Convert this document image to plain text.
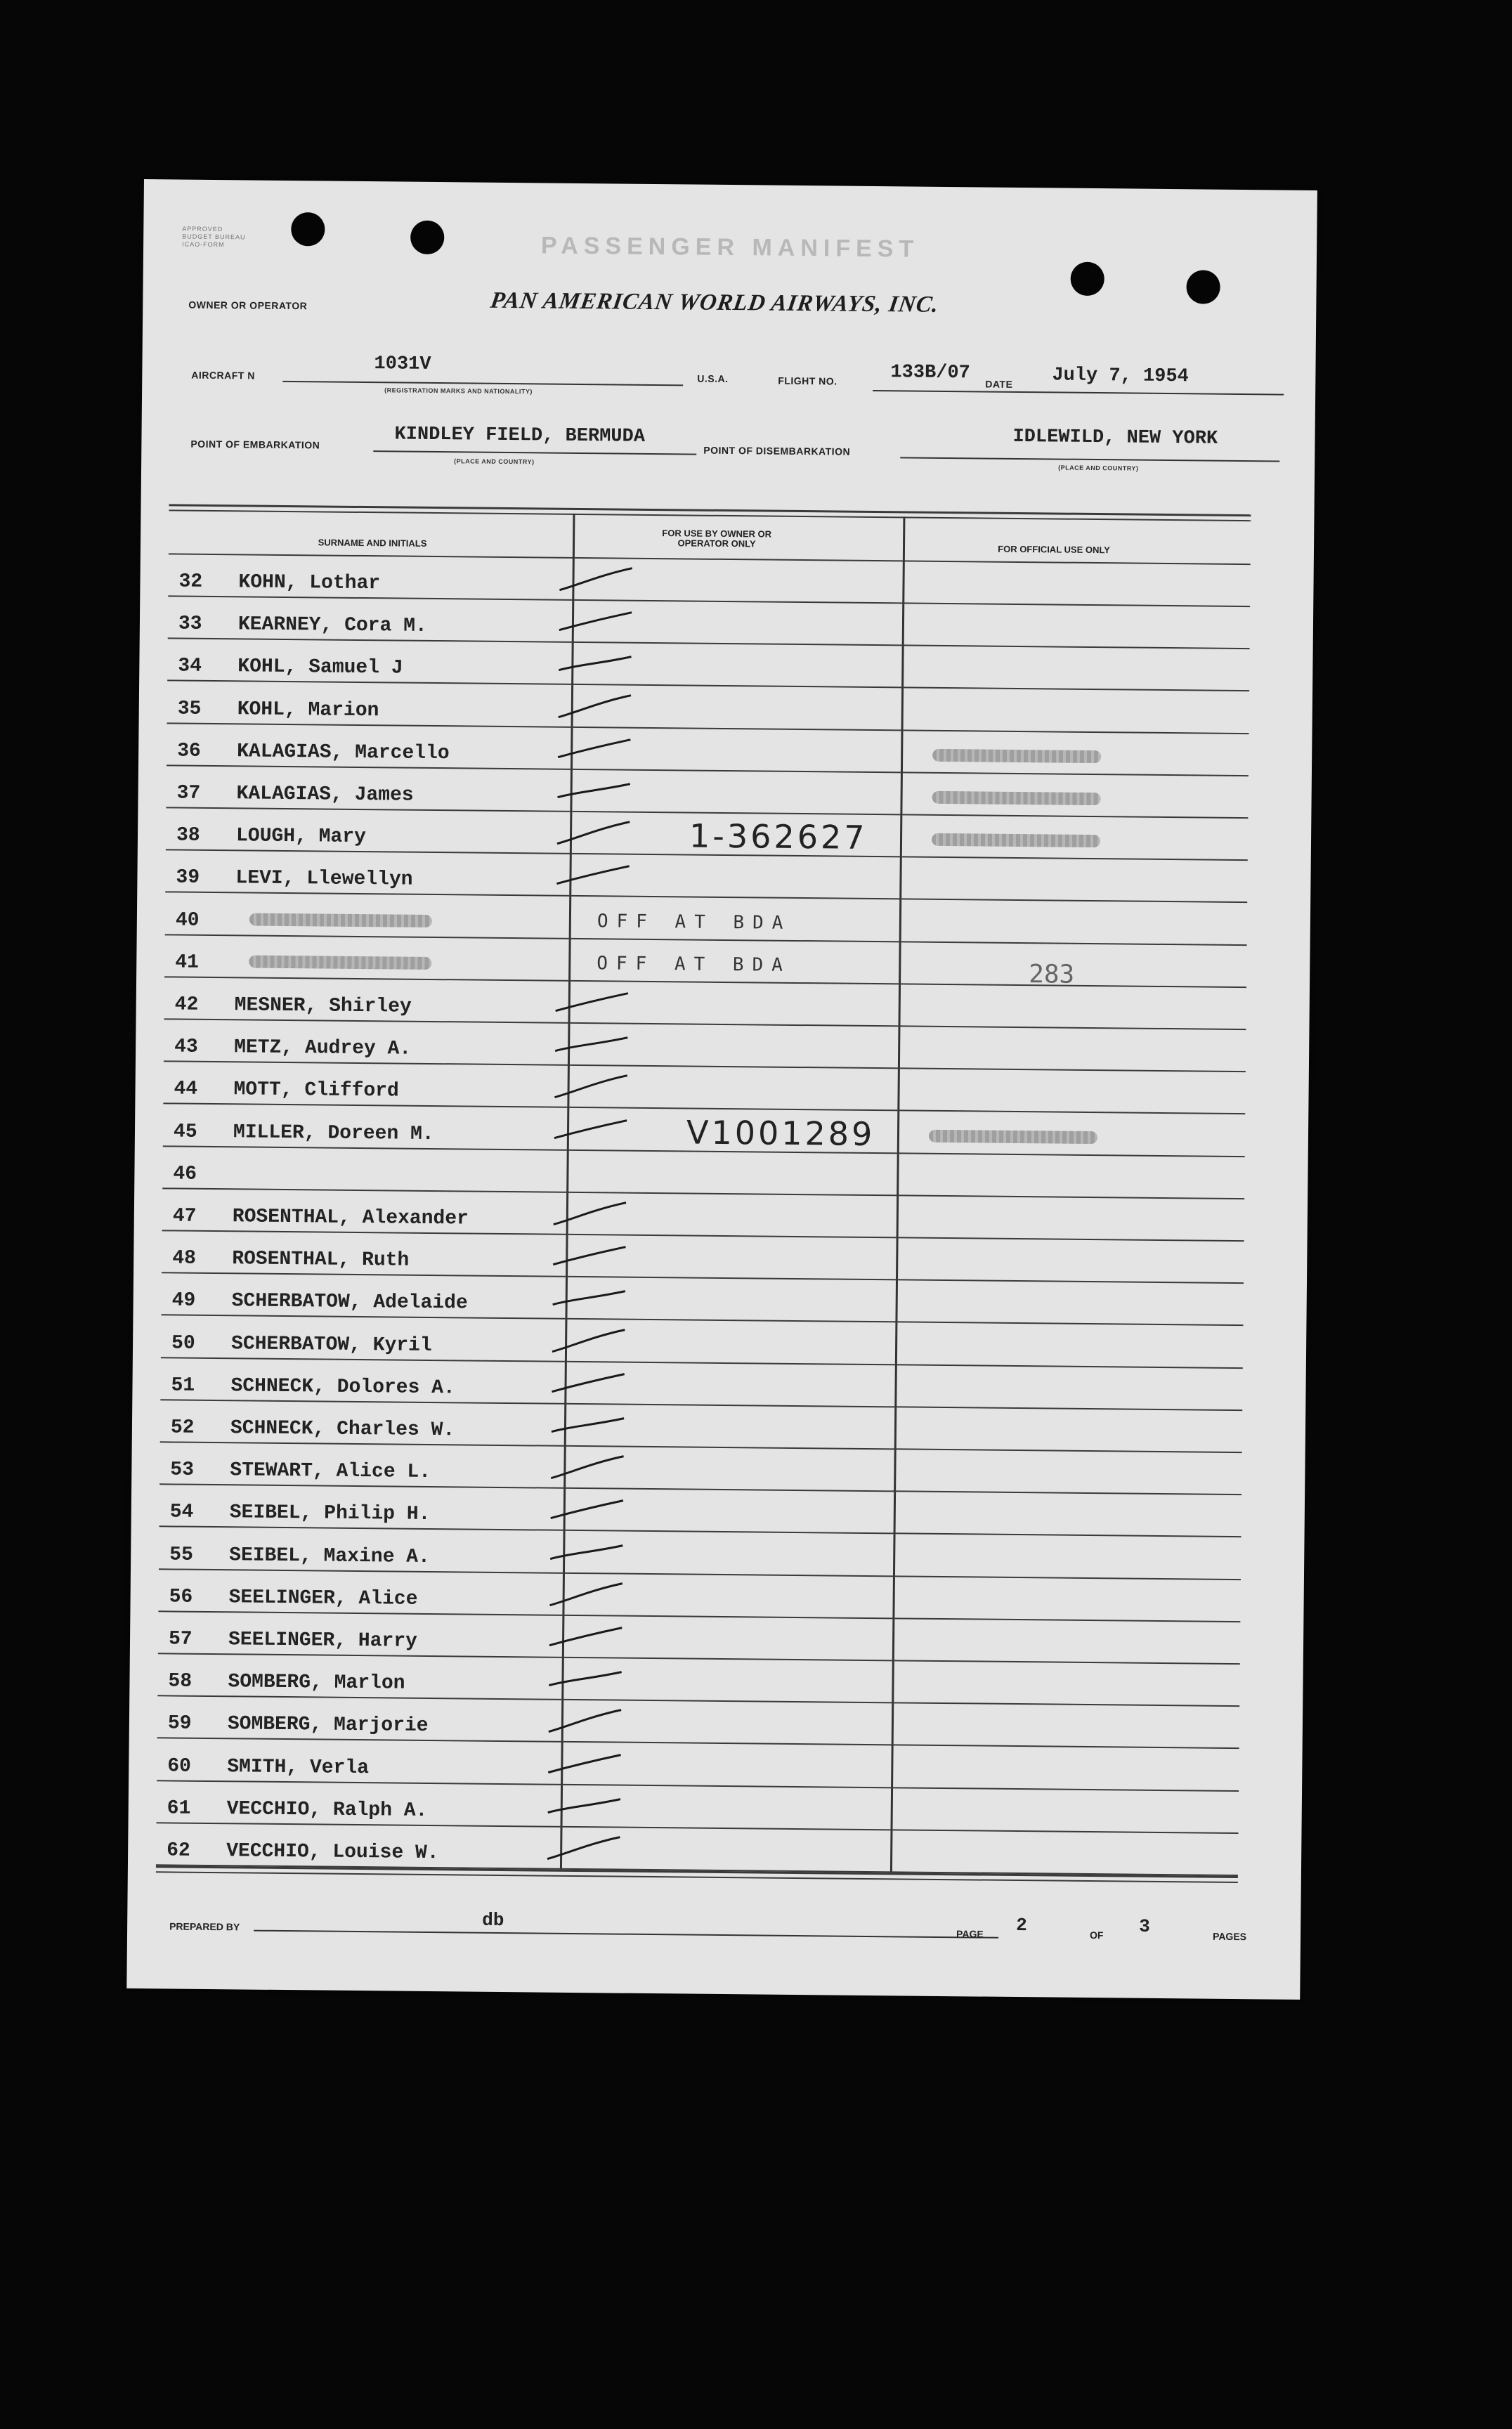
APPROVED
BUDGET BUREAU
ICAO-FORM	PASSENGER MANIFEST
OWNER OR OPERATOR	PAN AMERICAN WORLD AIRWAYS, INC.
AIRCRAFT N
1031V
(REGISTRATION MARKS AND NATIONALITY)
U.S.A.	FLIGHT NO.	133B/07
DATE July 7, 1954
POINT OF EMBARKATION	KINDLEY FIELD, BERMUDA
(PLACE AND COUNTRY)
POINT OF DISEMBARKATION
IDLEWILD, NEW YORK
(PLACE AND COUNTRY)
SURNAME AND INITIALS
FOR USE BY OWNER OR OPERATOR ONLY
FOR OFFICIAL USE ONLY
32 KOHN, Lothar
33 KEARNEY, Cora M.
34 KOHL, Samuel J
35 KOHL, Marion
36 KALAGIAS, Marcello
37 KALAGIAS, James
38 LOUGH, Mary	1-362627
39 LEVI, Llewellyn
40	OFF AT BDA
41	OFF AT BDA	283
42 MESNER, Shirley
43 METZ, Audrey A.
44 MOTT, Clifford
45 MILLER, Doreen M.	V1001289
46
47 ROSENTHAL, Alexander
48 ROSENTHAL, Ruth
49 SCHERBATOW, Adelaide
50 SCHERBATOW, Kyril
51 SCHNECK, Dolores A.
52 SCHNECK, Charles W.
53 STEWART, Alice L.
54 SEIBEL, Philip H.
55 SEIBEL, Maxine A.
56 SEELINGER, Alice
57 SEELINGER, Harry
58 SOMBERG, Marlon
59 SOMBERG, Marjorie
60 SMITH, Verla
61 VECCHIO, Ralph A.
62 VECCHIO, Louise W.
PREPARED BY	db
PAGE 2	OF 3	PAGES
